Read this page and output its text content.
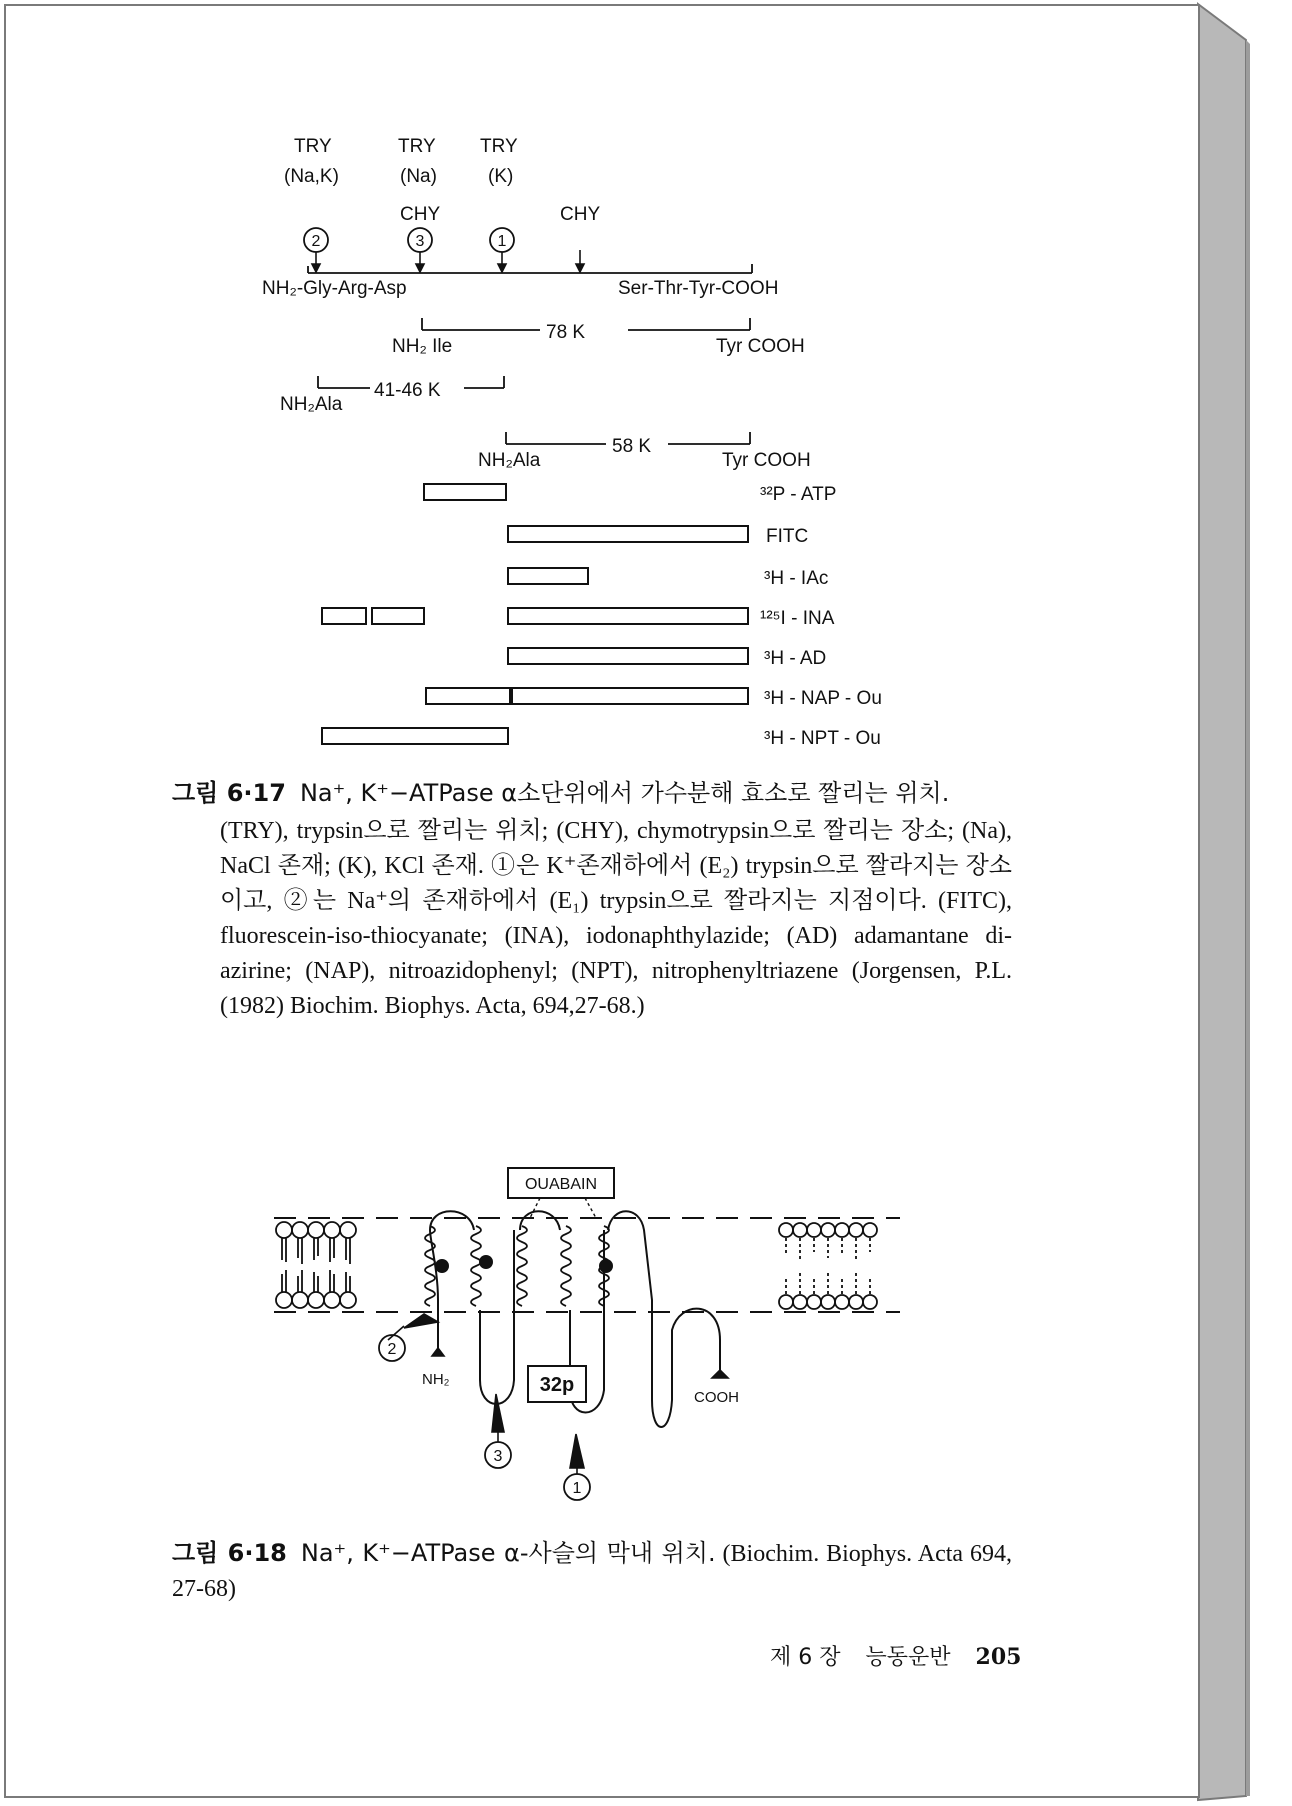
TRY
(Na,K)
TRY
(Na)
TRY
(K)
CHY	CHY
2	3	1
NH₂-Gly-Arg-Asp	Ser-Thr-Tyr-COOH
NH₂ Ile
78 K
Tyr COOH
NH₂Ala
41-46 K
NH₂Ala
58 K
Tyr COOH
³²P - ATP
FITC
³H - IAc
¹²⁵I - INA
³H - AD
³H - NAP - Ou
³H - NPT - Ou
그림 6·17 Na⁺, K⁺−ATPase α소단위에서 가수분해 효소로 짤리는 위치.
(TRY), trypsin으로 짤리는 위치; (CHY), chymotrypsin으로 짤리는 장소; (Na), NaCl 존재; (K), KCl 존재. ①은 K⁺존재하에서 (E₂) trypsin으로 짤라지는 장소이고, ②는 Na⁺의 존재하에서 (E₁) trypsin으로 짤라지는 지점이다. (FITC), fluorescein-iso-thiocyanate; (INA), iodonaphthylazide; (AD) adamantane di-azirine; (NAP), nitroazidophenyl; (NPT), nitrophenyltriazene (Jorgensen, P.L. (1982) Biochim. Biophys. Acta, 694,27-68.)
OUABAIN
32p
NH₂
COOH
2
3
1
그림 6·18 Na⁺, K⁺−ATPase α-사슬의 막내 위치. (Biochim. Biophys. Acta 694, 27-68)
제 6 장 능동운반 205
